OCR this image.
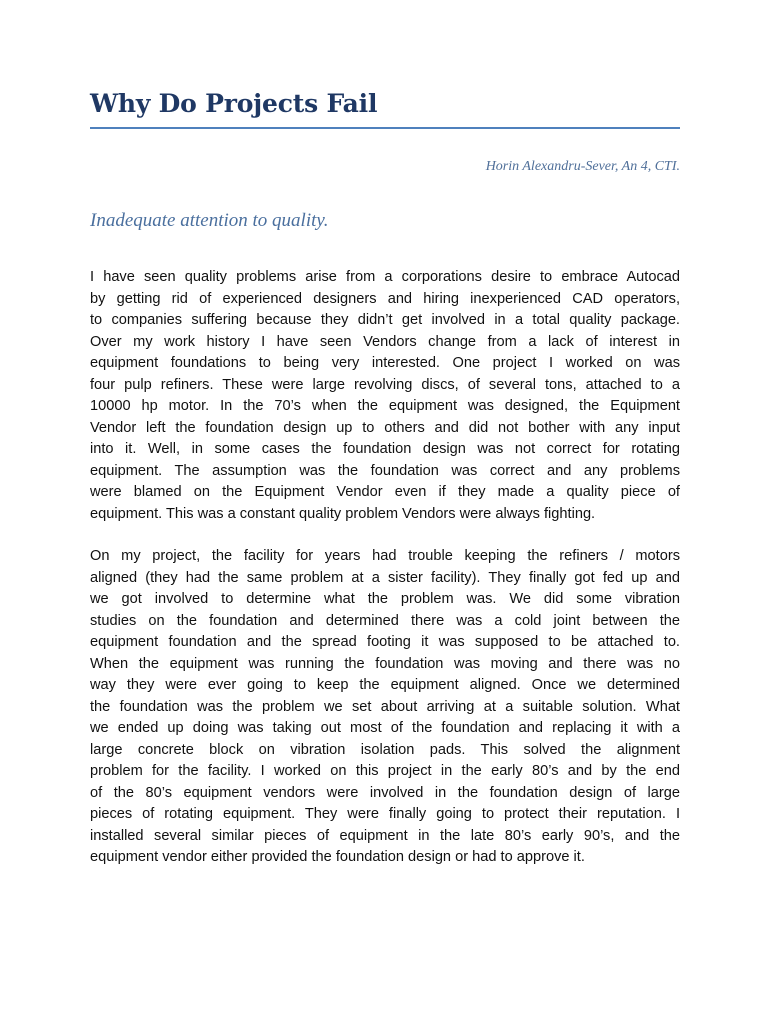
Why Do Projects Fail
Horin Alexandru-Sever, An 4, CTI.
Inadequate attention to quality.
I have seen quality problems arise from a corporations desire to embrace Autocad
by getting rid of experienced designers and hiring inexperienced CAD operators,
to companies suffering because they didn’t get involved in a total quality package.
Over my work history I have seen Vendors change from a lack of interest in
equipment foundations to being very interested. One project I worked on was
four pulp refiners. These were large revolving discs, of several tons, attached to a
10000 hp motor. In the 70’s when the equipment was designed, the Equipment
Vendor left the foundation design up to others and did not bother with any input
into it. Well, in some cases the foundation design was not correct for rotating
equipment. The assumption was the foundation was correct and any problems
were blamed on the Equipment Vendor even if they made a quality piece of
equipment. This was a constant quality problem Vendors were always fighting.
On my project, the facility for years had trouble keeping the refiners / motors
aligned (they had the same problem at a sister facility). They finally got fed up and
we got involved to determine what the problem was. We did some vibration
studies on the foundation and determined there was a cold joint between the
equipment foundation and the spread footing it was supposed to be attached to.
When the equipment was running the foundation was moving and there was no
way they were ever going to keep the equipment aligned. Once we determined
the foundation was the problem we set about arriving at a suitable solution. What
we ended up doing was taking out most of the foundation and replacing it with a
large concrete block on vibration isolation pads. This solved the alignment
problem for the facility. I worked on this project in the early 80’s and by the end
of the 80’s equipment vendors were involved in the foundation design of large
pieces of rotating equipment. They were finally going to protect their reputation. I
installed several similar pieces of equipment in the late 80’s early 90’s, and the
equipment vendor either provided the foundation design or had to approve it.
